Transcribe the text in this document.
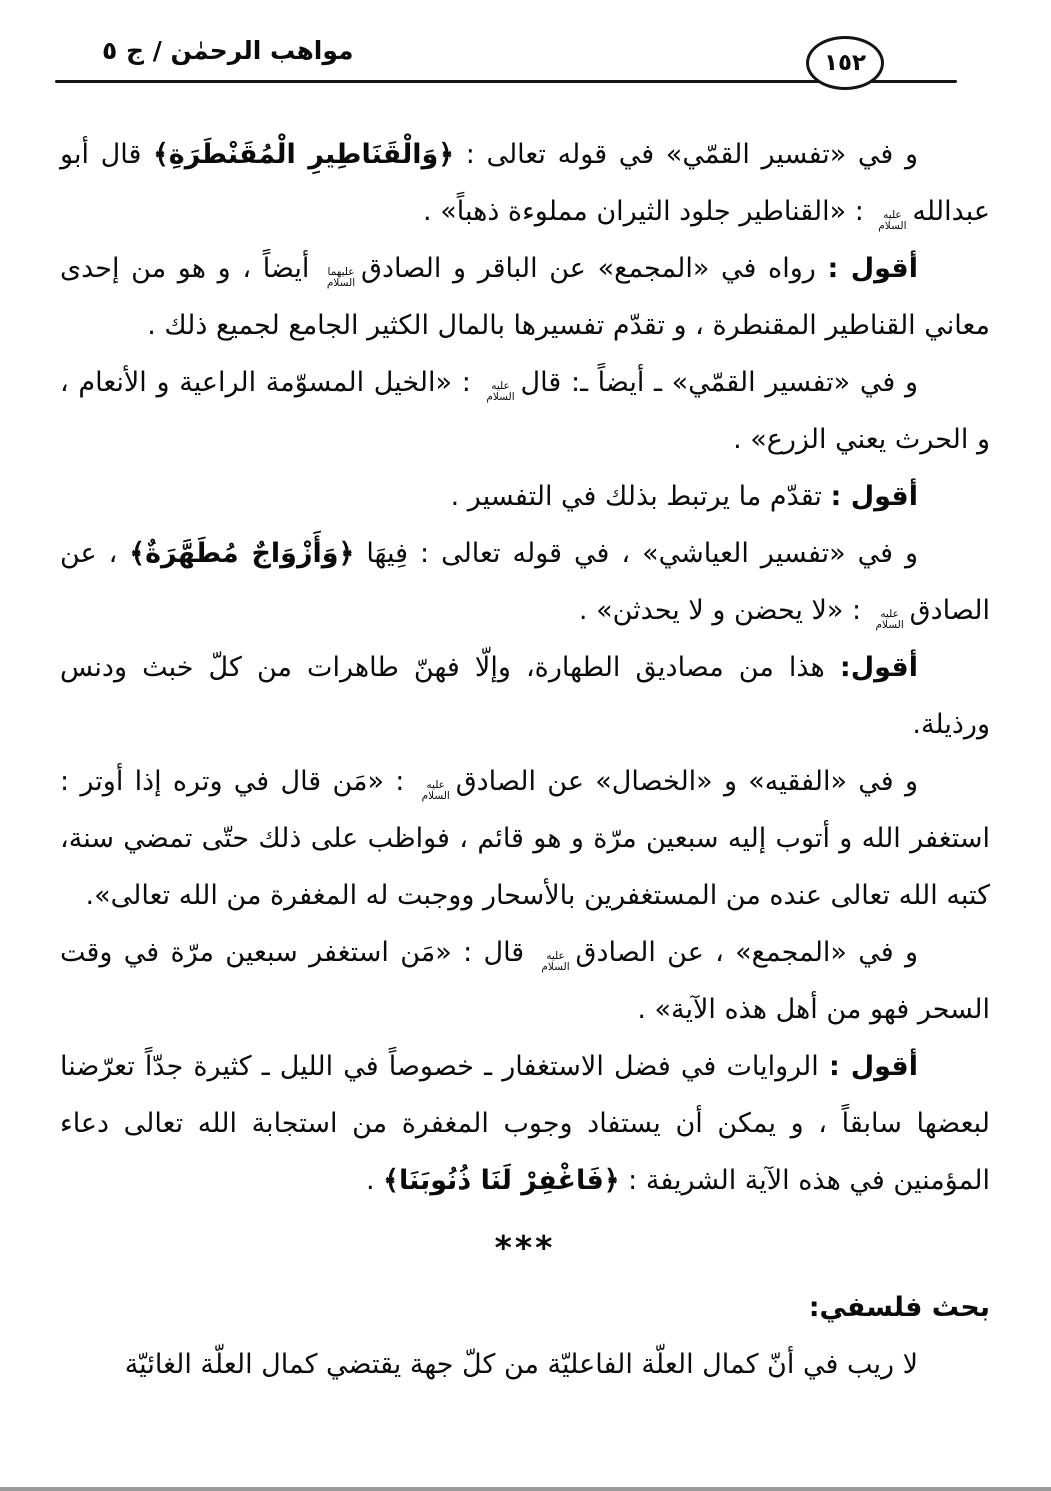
مواهب الرحمٰن / ج ٥	١٥٢

و في «تفسير القمّي» في قوله تعالى : ﴿وَالْقَنَاطِيرِ الْمُقَنْطَرَةِ﴾ قال أبو عبداللهعليه السلام : «القناطير جلود الثيران مملوءة ذهباً» .

أقول : رواه في «المجمع» عن الباقر و الصادقعليهما السلام أيضاً ، و هو من إحدى معاني القناطير المقنطرة ، و تقدّم تفسيرها بالمال الكثير الجامع لجميع ذلك .

و في «تفسير القمّي» ـ أيضاً ـ: قالعليه السلام : «الخيل المسوّمة الراعية و الأنعام ، و الحرث يعني الزرع» .

أقول : تقدّم ما يرتبط بذلك في التفسير .

و في «تفسير العياشي» ، في قوله تعالى : فِيهَا ﴿وَأَزْوَاجٌ مُطَهَّرَةٌ﴾ ، عن الصادقعليه السلام : «لا يحضن و لا يحدثن» .

أقول: هذا من مصاديق الطهارة، وإلّا فهنّ طاهرات من كلّ خبث ودنس ورذيلة.

و في «الفقيه» و «الخصال» عن الصادقعليه السلام : «مَن قال في وتره إذا أوتر : استغفر الله و أتوب إليه سبعين مرّة و هو قائم ، فواظب على ذلك حتّى تمضي سنة، كتبه الله تعالى عنده من المستغفرين بالأسحار ووجبت له المغفرة من الله تعالى».

و في «المجمع» ، عن الصادقعليه السلام قال : «مَن استغفر سبعين مرّة في وقت السحر فهو من أهل هذه الآية» .

أقول : الروايات في فضل الاستغفار ـ خصوصاً في الليل ـ كثيرة جدّاً تعرّضنا لبعضها سابقاً ، و يمكن أن يستفاد وجوب المغفرة من استجابة الله تعالى دعاء المؤمنين في هذه الآية الشريفة : ﴿فَاغْفِرْ لَنَا ذُنُوبَنَا﴾ .

***

بحث فلسفي:

لا ريب في أنّ كمال العلّة الفاعليّة من كلّ جهة يقتضي كمال العلّة الغائيّة
